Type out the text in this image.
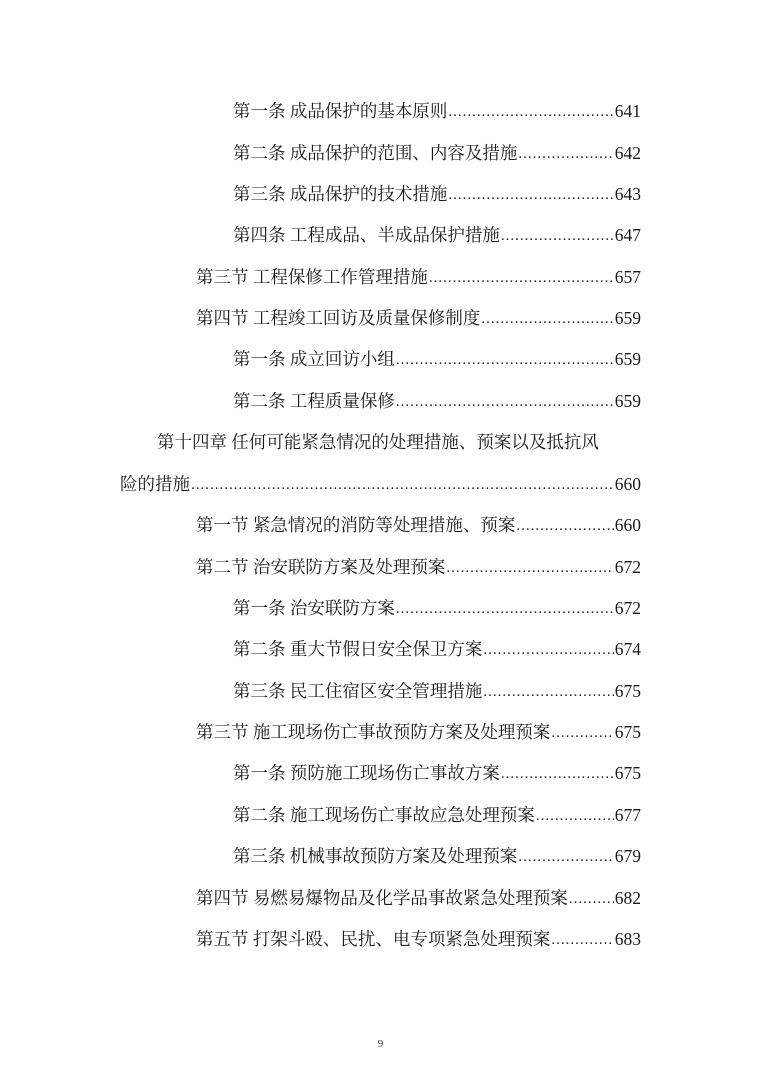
第一条 成品保护的基本原则 .....	641
第二条 成品保护的范围、内容及措施 .....	642
第三条 成品保护的技术措施 .....	643
第四条 工程成品、半成品保护措施 .....	647
第三节 工程保修工作管理措施 .....	657
第四节 工程竣工回访及质量保修制度 .....	659
第一条 成立回访小组 .....	659
第二条 工程质量保修 .....	659
第十四章 任何可能紧急情况的处理措施、预案以及抵抗风
险的措施 .....	660
第一节 紧急情况的消防等处理措施、预案 .....	660
第二节 治安联防方案及处理预案 .....	672
第一条 治安联防方案 .....	672
第二条 重大节假日安全保卫方案 .....	674
第三条 民工住宿区安全管理措施 .....	675
第三节 施工现场伤亡事故预防方案及处理预案 .....	675
第一条 预防施工现场伤亡事故方案 .....	675
第二条 施工现场伤亡事故应急处理预案 .....	677
第三条 机械事故预防方案及处理预案 .....	679
第四节 易燃易爆物品及化学品事故紧急处理预案 .....	682
第五节 打架斗殴、民扰、电专项紧急处理预案 .....	683
9
